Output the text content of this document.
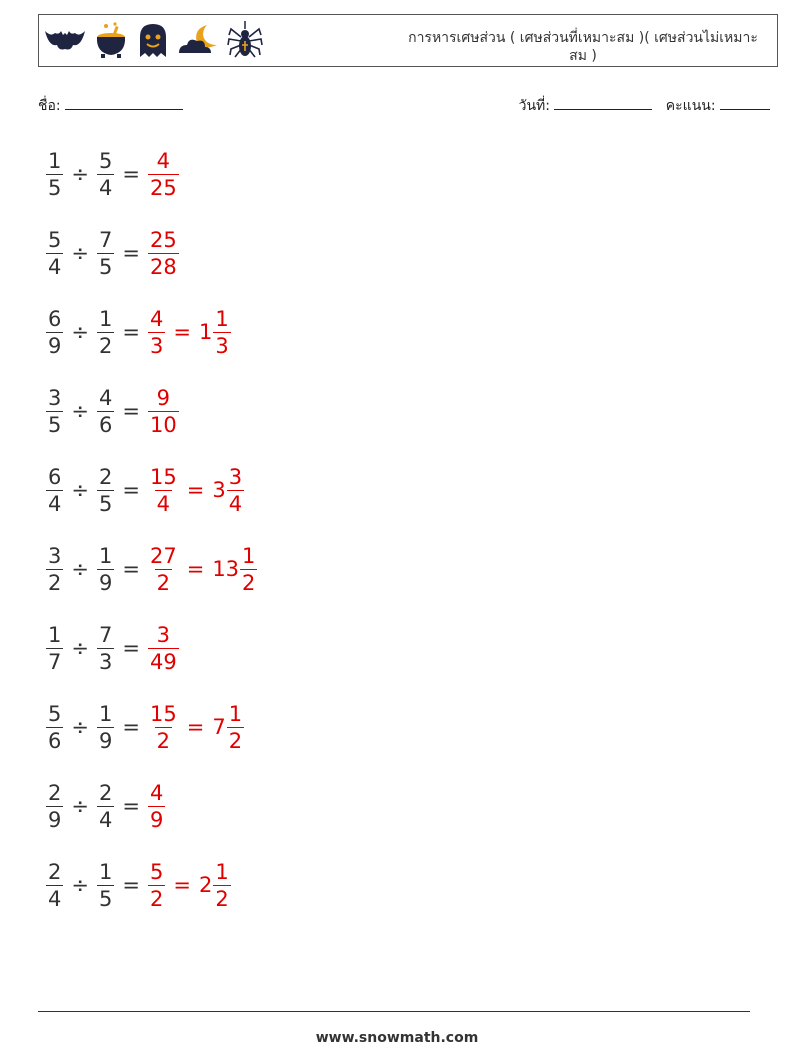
การหารเศษส่วน ( เศษส่วนที่เหมาะสม )( เศษส่วนไม่เหมาะสม )
ชื่อ:	วันที่:	คะแนน:
$\frac{1}{5} \div \frac{5}{4} = \frac{4}{25}$
$\frac{5}{4} \div \frac{7}{5} = \frac{25}{28}$
$\frac{6}{9} \div \frac{1}{2} = \frac{4}{3} = 1 \frac{1}{3}$
$\frac{3}{5} \div \frac{4}{6} = \frac{9}{10}$
$\frac{6}{4} \div \frac{2}{5} = \frac{15}{4} = 3 \frac{3}{4}$
$\frac{3}{2} \div \frac{1}{9} = \frac{27}{2} = 13 \frac{1}{2}$
$\frac{1}{7} \div \frac{7}{3} = \frac{3}{49}$
$\frac{5}{6} \div \frac{1}{9} = \frac{15}{2} = 7 \frac{1}{2}$
$\frac{2}{9} \div \frac{2}{4} = \frac{4}{9}$
$\frac{2}{4} \div \frac{1}{5} = \frac{5}{2} = 2 \frac{1}{2}$
www.snowmath.com
